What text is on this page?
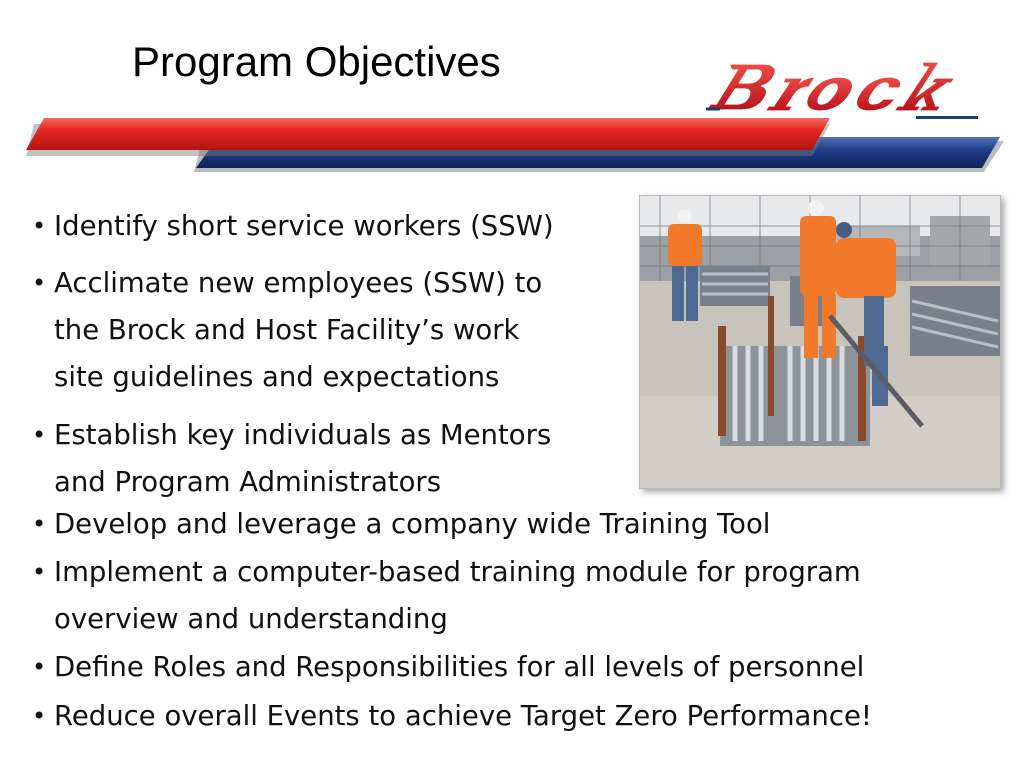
Program Objectives
• Identify short service workers (SSW)
• Acclimate new employees (SSW) to
the Brock and Host Facility’s work
site guidelines and expectations
• Establish key individuals as Mentors
and Program Administrators
• Develop and leverage a company wide Training Tool
• Implement a computer-based training module for program
overview and understanding
• Define Roles and Responsibilities for all levels of personnel
• Reduce overall Events to achieve Target Zero Performance!
